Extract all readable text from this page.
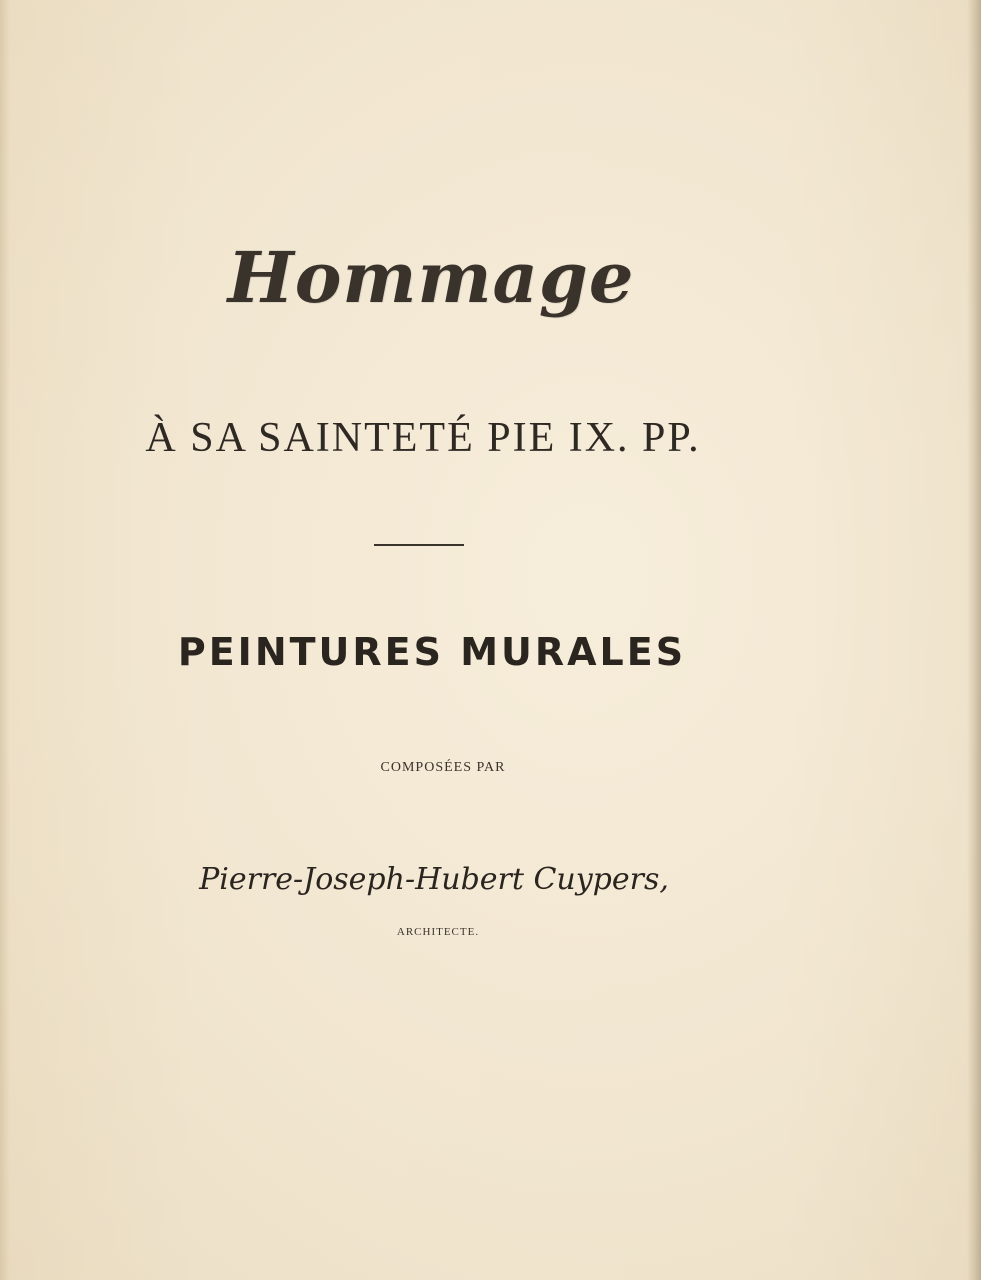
Hommage
À SA SAINTETÉ PIE IX. PP.
PEINTURES MURALES
COMPOSÉES PAR
Pierre-Joseph-Hubert Cuypers,
ARCHITECTE.
